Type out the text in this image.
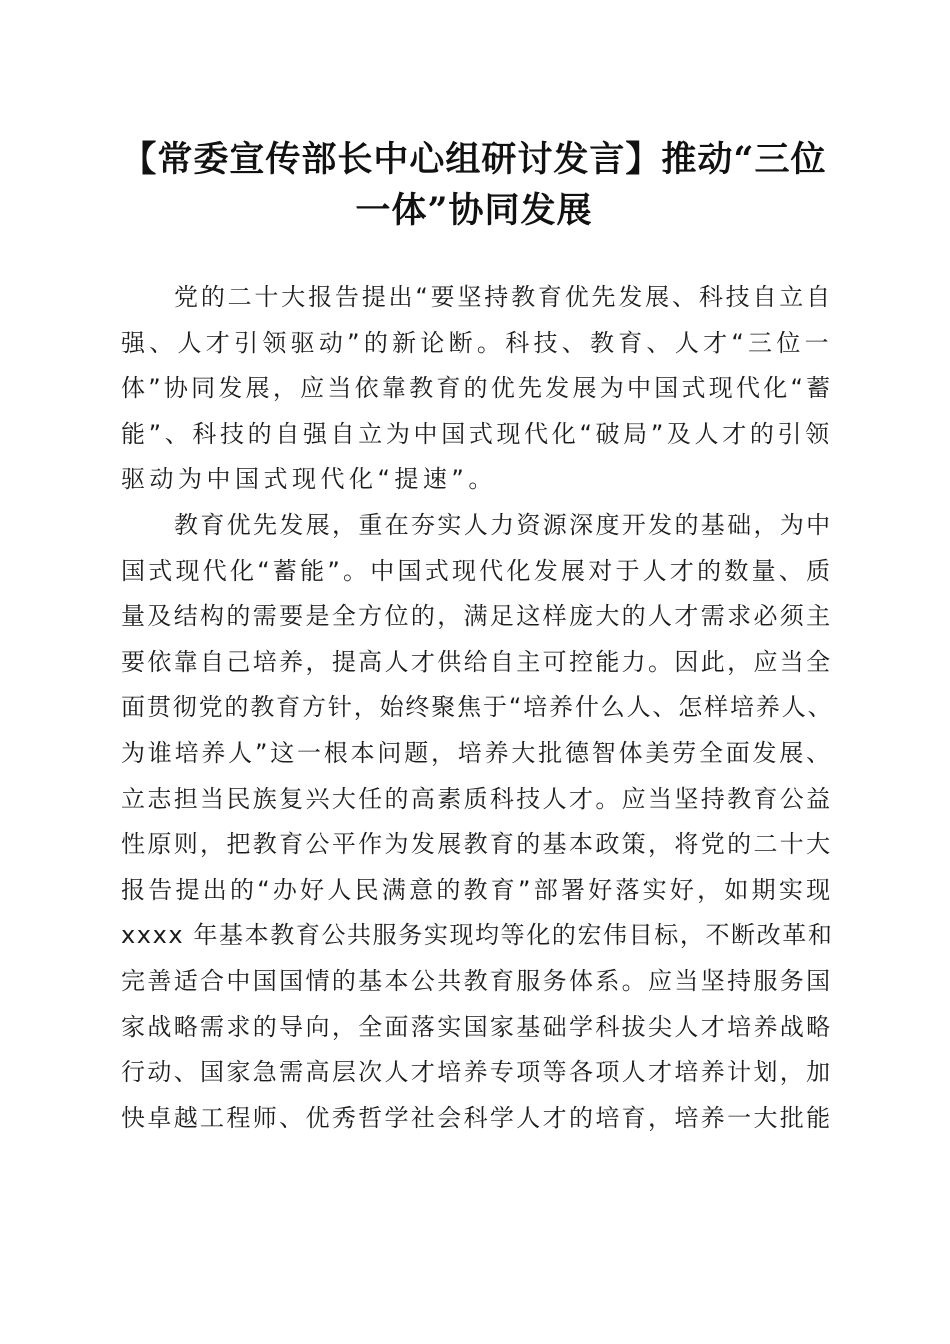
【常委宣传部长中心组研讨发言】推动“三位
一体”协同发展

党的二十大报告提出“要坚持教育优先发展、科技自立自
强、人才引领驱动”的新论断。科技、教育、人才“三位一
体”协同发展，应当依靠教育的优先发展为中国式现代化“蓄
能”、科技的自强自立为中国式现代化“破局”及人才的引领
驱动为中国式现代化“提速”。

教育优先发展，重在夯实人力资源深度开发的基础，为中
国式现代化“蓄能”。中国式现代化发展对于人才的数量、质
量及结构的需要是全方位的，满足这样庞大的人才需求必须主
要依靠自己培养，提高人才供给自主可控能力。因此，应当全
面贯彻党的教育方针，始终聚焦于“培养什么人、怎样培养人、
为谁培养人”这一根本问题，培养大批德智体美劳全面发展、
立志担当民族复兴大任的高素质科技人才。应当坚持教育公益
性原则，把教育公平作为发展教育的基本政策，将党的二十大
报告提出的“办好人民满意的教育”部署好落实好，如期实现
xxxx 年基本教育公共服务实现均等化的宏伟目标，不断改革和
完善适合中国国情的基本公共教育服务体系。应当坚持服务国
家战略需求的导向，全面落实国家基础学科拔尖人才培养战略
行动、国家急需高层次人才培养专项等各项人才培养计划，加
快卓越工程师、优秀哲学社会科学人才的培育，培养一大批能
